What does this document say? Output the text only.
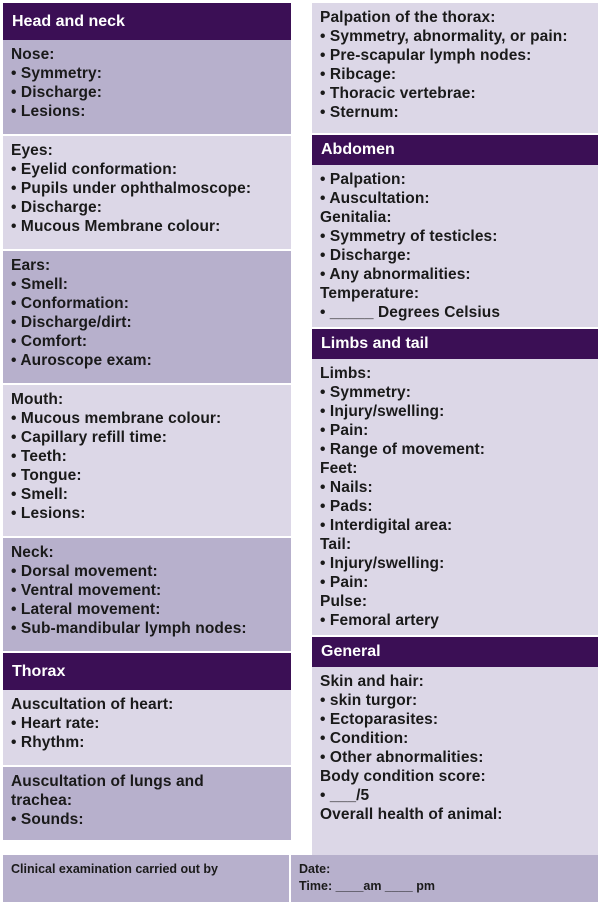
Head and neck
Nose:
• Symmetry:
• Discharge:
• Lesions:
Eyes:
• Eyelid conformation:
• Pupils under ophthalmoscope:
• Discharge:
• Mucous Membrane colour:
Ears:
• Smell:
• Conformation:
• Discharge/dirt:
• Comfort:
• Auroscope exam:
Mouth:
• Mucous membrane colour:
• Capillary refill time:
• Teeth:
• Tongue:
• Smell:
• Lesions:
Neck:
• Dorsal movement:
• Ventral movement:
• Lateral movement:
• Sub-mandibular lymph nodes:
Thorax
Auscultation of heart:
• Heart rate:
• Rhythm:
Auscultation of lungs and
trachea:
• Sounds:
Palpation of the thorax:
• Symmetry, abnormality, or pain:
• Pre-scapular lymph nodes:
• Ribcage:
• Thoracic vertebrae:
• Sternum:
Abdomen
• Palpation:
• Auscultation:
Genitalia:
• Symmetry of testicles:
• Discharge:
• Any abnormalities:
Temperature:
• _____ Degrees Celsius
Limbs and tail
Limbs:
• Symmetry:
• Injury/swelling:
• Pain:
• Range of movement:
Feet:
• Nails:
• Pads:
• Interdigital area:
Tail:
• Injury/swelling:
• Pain:
Pulse:
• Femoral artery
General
Skin and hair:
• skin turgor:
• Ectoparasites:
• Condition:
• Other abnormalities:
Body condition score:
• ___/5
Overall health of animal:
Clinical examination carried out by	Date:
Time: ____am ____ pm
